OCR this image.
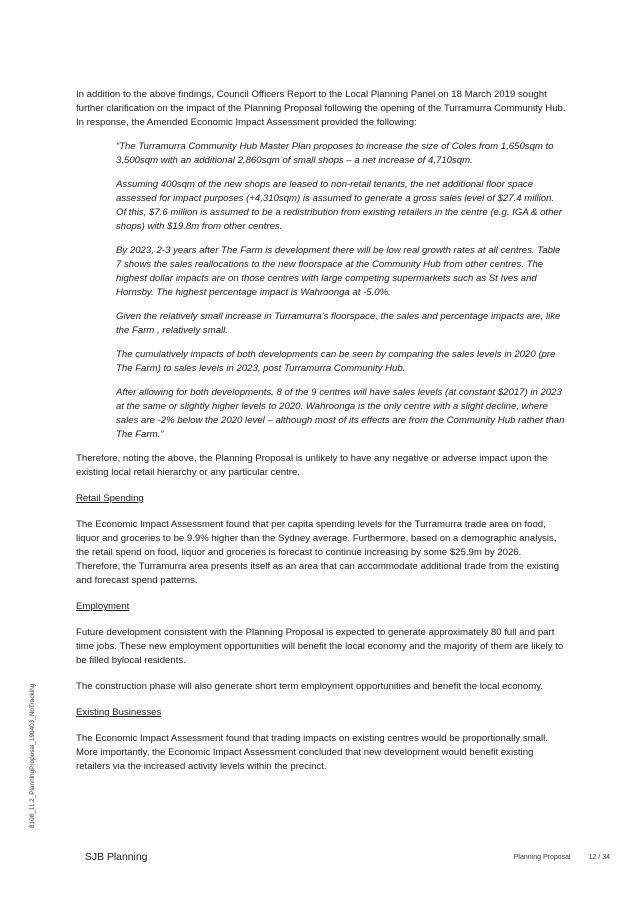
In addition to the above findings, Council Officers Report to the Local Planning Panel on 18 March 2019 sought further clarification on the impact of the Planning Proposal following the opening of the Turramurra Community Hub. In response, the Amended Economic Impact Assessment provided the following:

“The Turramurra Community Hub Master Plan proposes to increase the size of Coles from 1,650sqm to 3,500sqm with an additional 2,860sqm of small shops – a net increase of 4,710sqm.

Assuming 400sqm of the new shops are leased to non-retail tenants, the net additional floor space assessed for impact purposes (+4,310sqm) is assumed to generate a gross sales level of $27.4 million. Of this, $7.6 million is assumed to be a redistribution from existing retailers in the centre (e.g. IGA & other shops) with $19.8m from other centres.

By 2023, 2-3 years after The Farm is development there will be low real growth rates at all centres. Table 7 shows the sales reallocations to the new floorspace at the Community Hub from other centres. The highest dollar impacts are on those centres with large competing supermarkets such as St Ives and Hornsby. The highest percentage impact is Wahroonga at -5.0%.

Given the relatively small increase in Turramurra’s floorspace, the sales and percentage impacts are, like the Farm , relatively small.

The cumulatively impacts of both developments can be seen by comparing the sales levels in 2020 (pre The Farm) to sales levels in 2023, post Turramurra Community Hub.

After allowing for both developments, 8 of the 9 centres will have sales levels (at constant $2017) in 2023 at the same or slightly higher levels to 2020. Wahroonga is the only centre with a slight decline, where sales are -2% below the 2020 level – although most of its effects are from the Community Hub rather than The Farm.”

Therefore, noting the above, the Planning Proposal is unlikely to have any negative or adverse impact upon the existing local retail hierarchy or any particular centre.

Retail Spending

The Economic Impact Assessment found that per capita spending levels for the Turramurra trade area on food, liquor and groceries to be 9.9% higher than the Sydney average. Furthermore, based on a demographic analysis, the retail spend on food, liquor and groceries is forecast to continue increasing by some $25.9m by 2026. Therefore, the Turramurra area presents itself as an area that can accommodate additional trade from the existing and forecast spend patterns.

Employment

Future development consistent with the Planning Proposal is expected to generate approximately 80 full and part time jobs. These new employment opportunities will benefit the local economy and the majority of them are likely to be filled bylocal residents.

The construction phase will also generate short term employment opportunities and benefit the local economy.

Existing Businesses

The Economic Impact Assessment found that trading impacts on existing centres would be proportionally small. More importantly, the Economic Impact Assessment concluded that new development would benefit existing retailers via the increased activity levels within the precinct.

8108_11.2_PlanningProposal_190403_NoTracking
SJB Planning	Planning Proposal	12 / 34
